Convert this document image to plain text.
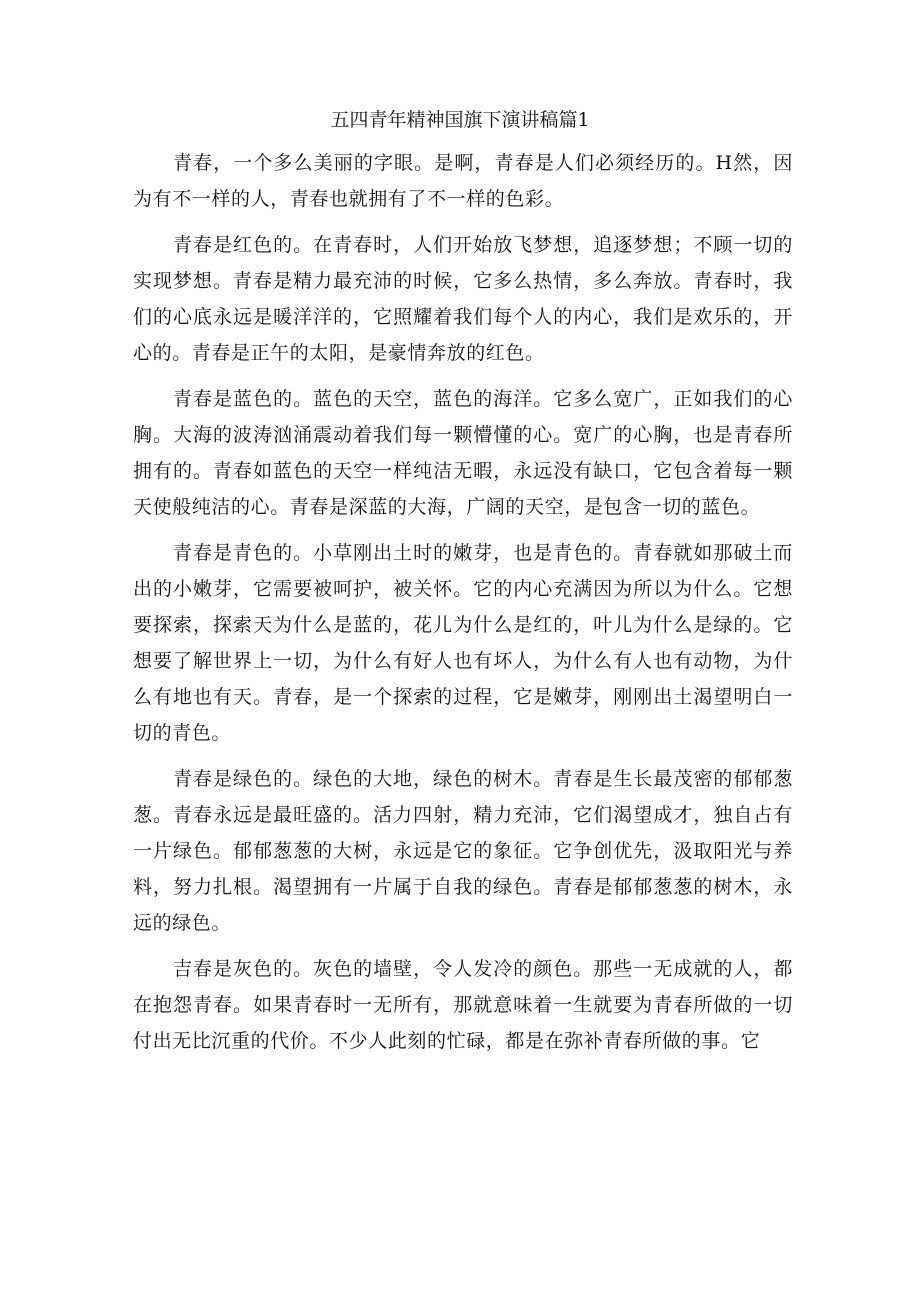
五四青年精神国旗下演讲稿篇1

青春，一个多么美丽的字眼。是啊，青春是人们必须经历的。H然，因为有不一样的人，青春也就拥有了不一样的色彩。

青春是红色的。在青春时，人们开始放飞梦想，追逐梦想；不顾一切的实现梦想。青春是精力最充沛的时候，它多么热情，多么奔放。青春时，我们的心底永远是暖洋洋的，它照耀着我们每个人的内心，我们是欢乐的，开心的。青春是正午的太阳，是豪情奔放的红色。

青春是蓝色的。蓝色的天空，蓝色的海洋。它多么宽广，正如我们的心胸。大海的波涛汹涌震动着我们每一颗懵懂的心。宽广的心胸，也是青春所拥有的。青春如蓝色的天空一样纯洁无暇，永远没有缺口，它包含着每一颗天使般纯洁的心。青春是深蓝的大海，广阔的天空，是包含一切的蓝色。

青春是青色的。小草刚出土时的嫩芽，也是青色的。青春就如那破土而出的小嫩芽，它需要被呵护，被关怀。它的内心充满因为所以为什么。它想要探索，探索天为什么是蓝的，花儿为什么是红的，叶儿为什么是绿的。它想要了解世界上一切，为什么有好人也有坏人，为什么有人也有动物，为什么有地也有天。青春，是一个探索的过程，它是嫩芽，刚刚出土渴望明白一切的青色。

青春是绿色的。绿色的大地，绿色的树木。青春是生长最茂密的郁郁葱葱。青春永远是最旺盛的。活力四射，精力充沛，它们渴望成才，独自占有一片绿色。郁郁葱葱的大树，永远是它的象征。它争创优先，汲取阳光与养料，努力扎根。渴望拥有一片属于自我的绿色。青春是郁郁葱葱的树木，永远的绿色。

吉春是灰色的。灰色的墙壁，令人发冷的颜色。那些一无成就的人，都在抱怨青春。如果青春时一无所有，那就意味着一生就要为青春所做的一切付出无比沉重的代价。不少人此刻的忙碌，都是在弥补青春所做的事。它
